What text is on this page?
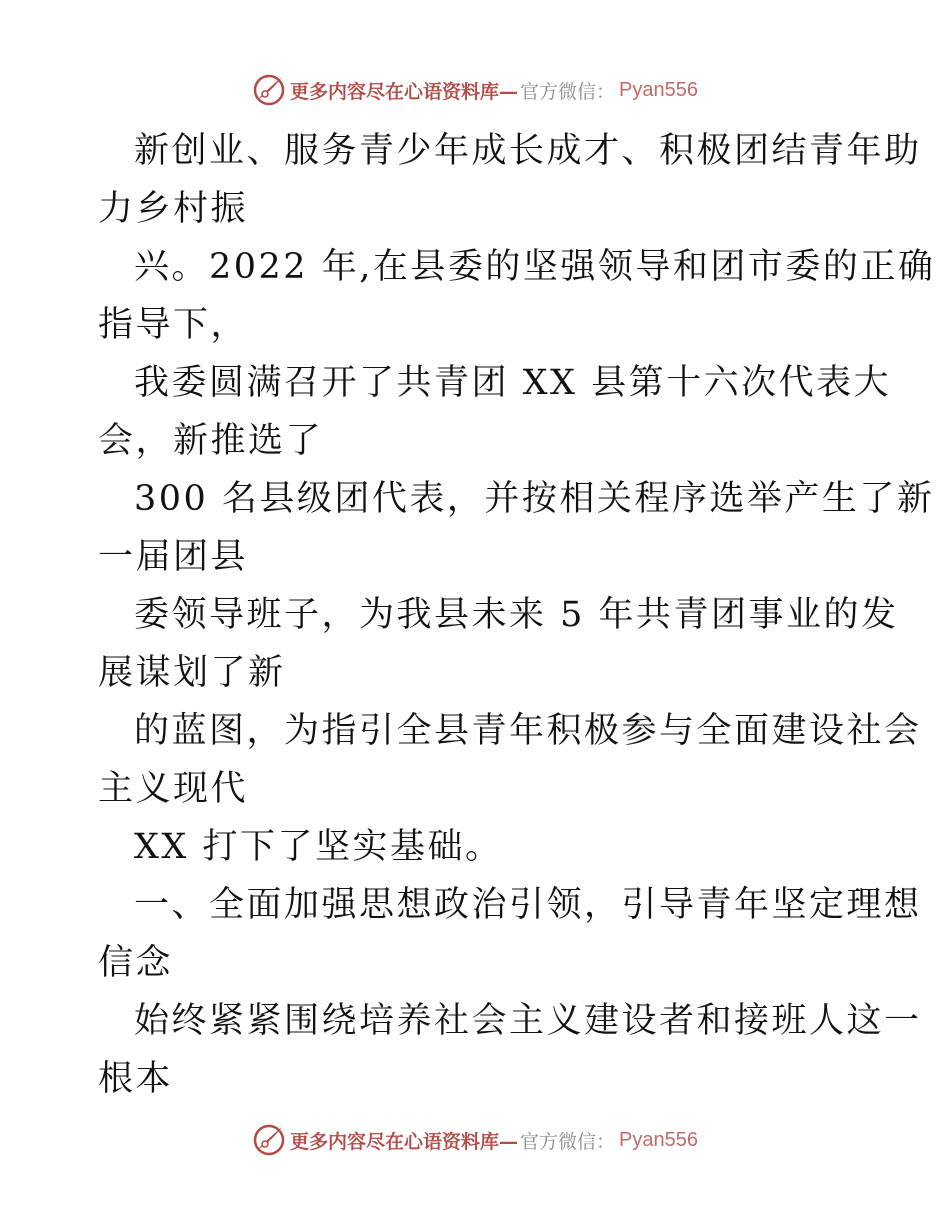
更多内容尽在心语资料库— 官方微信： Pyan556
新创业、服务青少年成长成才、积极团结青年助
力乡村振
兴。2022 年,在县委的坚强领导和团市委的正确
指导下，
我委圆满召开了共青团 XX 县第十六次代表大
会，新推选了
300 名县级团代表，并按相关程序选举产生了新
一届团县
委领导班子，为我县未来 5 年共青团事业的发
展谋划了新
的蓝图，为指引全县青年积极参与全面建设社会
主义现代
XX 打下了坚实基础。
一、全面加强思想政治引领，引导青年坚定理想
信念
始终紧紧围绕培养社会主义建设者和接班人这一
根本
更多内容尽在心语资料库— 官方微信： Pyan556
